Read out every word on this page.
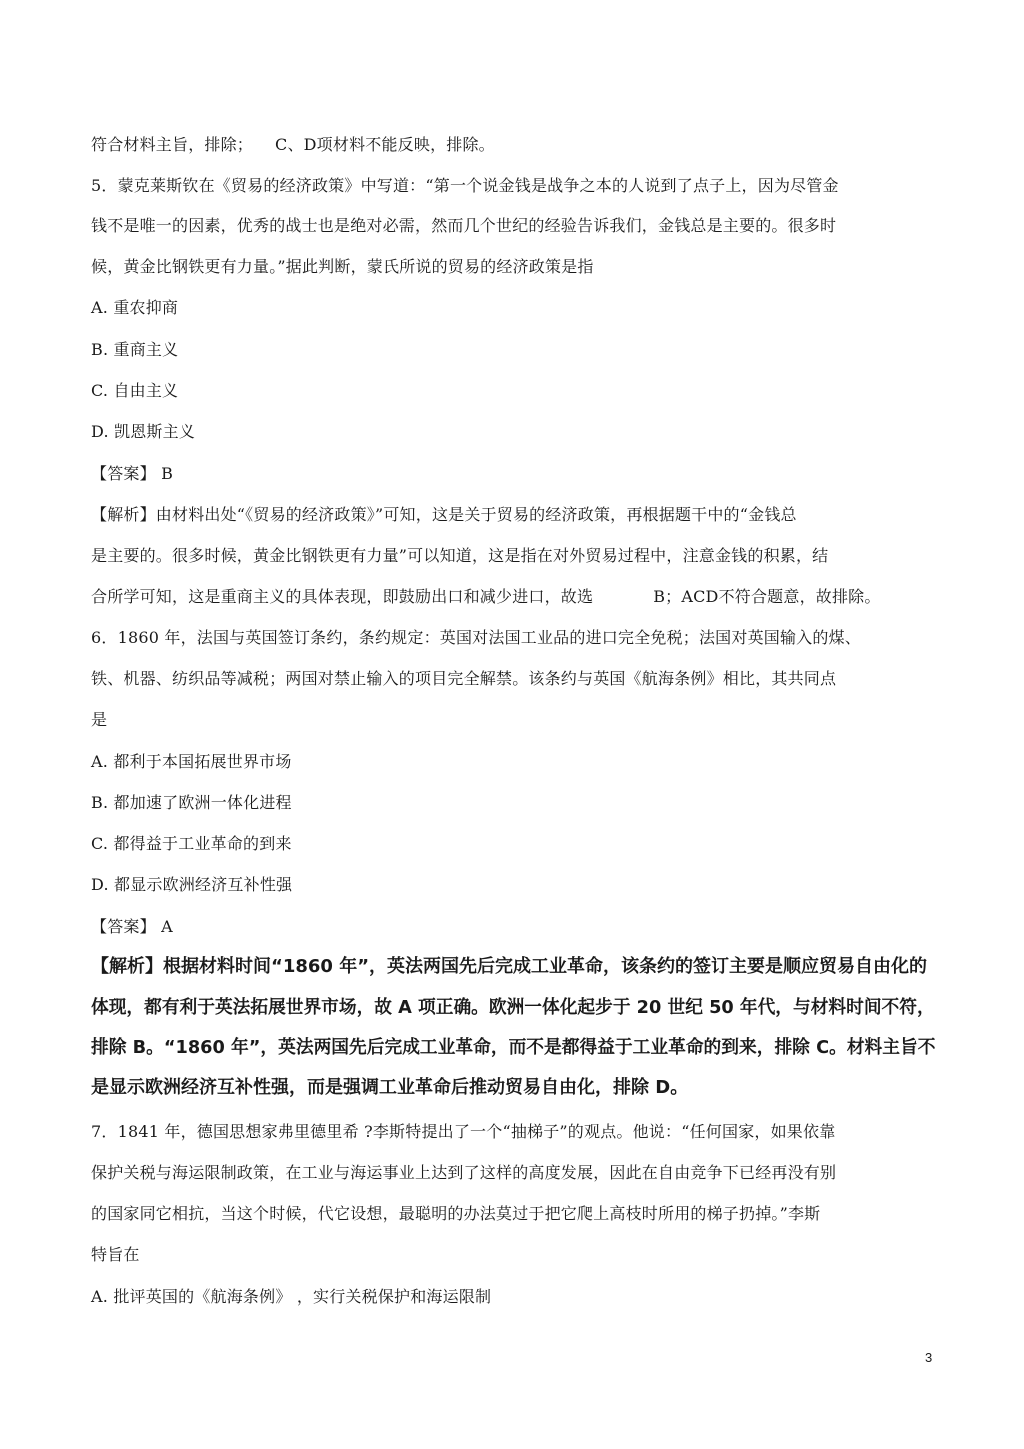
符合材料主旨，排除； C、D项材料不能反映，排除。
5．蒙克莱斯钦在《贸易的经济政策》中写道：“第一个说金钱是战争之本的人说到了点子上，因为尽管金
钱不是唯一的因素，优秀的战士也是绝对必需，然而几个世纪的经验告诉我们，金钱总是主要的。很多时
候，黄金比钢铁更有力量。”据此判断，蒙氏所说的贸易的经济政策是指
A. 重农抑商
B. 重商主义
C. 自由主义
D. 凯恩斯主义
【答案】 B
【解析】由材料出处“《贸易的经济政策》”可知，这是关于贸易的经济政策，再根据题干中的“金钱总
是主要的。很多时候，黄金比钢铁更有力量”可以知道，这是指在对外贸易过程中，注意金钱的积累，结
合所学可知，这是重商主义的具体表现，即鼓励出口和减少进口，故选	B；ACD不符合题意，故排除。
6．1860 年，法国与英国签订条约，条约规定：英国对法国工业品的进口完全免税；法国对英国输入的煤、
铁、机器、纺织品等减税；两国对禁止输入的项目完全解禁。该条约与英国《航海条例》相比，其共同点
是
A. 都利于本国拓展世界市场
B. 都加速了欧洲一体化进程
C. 都得益于工业革命的到来
D. 都显示欧洲经济互补性强
【答案】 A
【解析】根据材料时间“1860 年”，英法两国先后完成工业革命，该条约的签订主要是顺应贸易自由化的
体现，都有利于英法拓展世界市场，故 A 项正确。欧洲一体化起步于 20 世纪 50 年代，与材料时间不符，
排除 B。“1860 年”，英法两国先后完成工业革命，而不是都得益于工业革命的到来，排除 C。材料主旨不
是显示欧洲经济互补性强，而是强调工业革命后推动贸易自由化，排除 D。
7．1841 年，德国思想家弗里德里希 ?李斯特提出了一个“抽梯子”的观点。他说：“任何国家，如果依靠
保护关税与海运限制政策，在工业与海运事业上达到了这样的高度发展，因此在自由竞争下已经再没有别
的国家同它相抗，当这个时候，代它设想，最聪明的办法莫过于把它爬上高枝时所用的梯子扔掉。”李斯
特旨在
A. 批评英国的《航海条例》 ，实行关税保护和海运限制
3
